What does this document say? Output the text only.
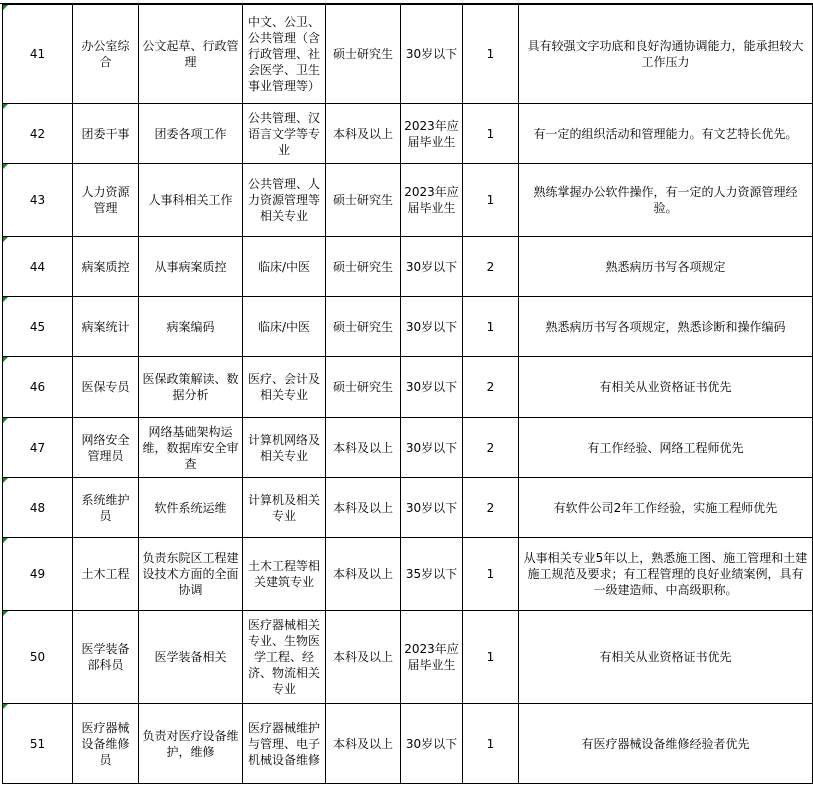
41	办公室综合	公文起草、行政管理	中文、公卫、公共管理（含行政管理、社会医学、卫生事业管理等）	硕士研究生	30岁以下	1	具有较强文字功底和良好沟通协调能力，能承担较大工作压力
42	团委干事	团委各项工作	公共管理、汉语言文学等专业	本科及以上	2023年应届毕业生	1	有一定的组织活动和管理能力。有文艺特长优先。
43	人力资源管理	人事科相关工作	公共管理、人力资源管理等相关专业	硕士研究生	2023年应届毕业生	1	熟练掌握办公软件操作，有一定的人力资源管理经验。
44	病案质控	从事病案质控	临床/中医	硕士研究生	30岁以下	2	熟悉病历书写各项规定
45	病案统计	病案编码	临床/中医	硕士研究生	30岁以下	1	熟悉病历书写各项规定，熟悉诊断和操作编码
46	医保专员	医保政策解读、数据分析	医疗、会计及相关专业	硕士研究生	30岁以下	2	有相关从业资格证书优先
47	网络安全管理员	网络基础架构运维，数据库安全审查	计算机网络及相关专业	本科及以上	30岁以下	2	有工作经验、网络工程师优先
48	系统维护员	软件系统运维	计算机及相关专业	本科及以上	30岁以下	2	有软件公司2年工作经验，实施工程师优先
49	土木工程	负责东院区工程建设技术方面的全面协调	土木工程等相关建筑专业	本科及以上	35岁以下	1	从事相关专业5年以上，熟悉施工图、施工管理和土建施工规范及要求；有工程管理的良好业绩案例，具有一级建造师、中高级职称。
50	医学装备部科员	医学装备相关	医疗器械相关专业、生物医学工程、经济、物流相关专业	本科及以上	2023年应届毕业生	1	有相关从业资格证书优先
51	医疗器械设备维修员	负责对医疗设备维护，维修	医疗器械维护与管理、电子机械设备维修	本科及以上	30岁以下	1	有医疗器械设备维修经验者优先
